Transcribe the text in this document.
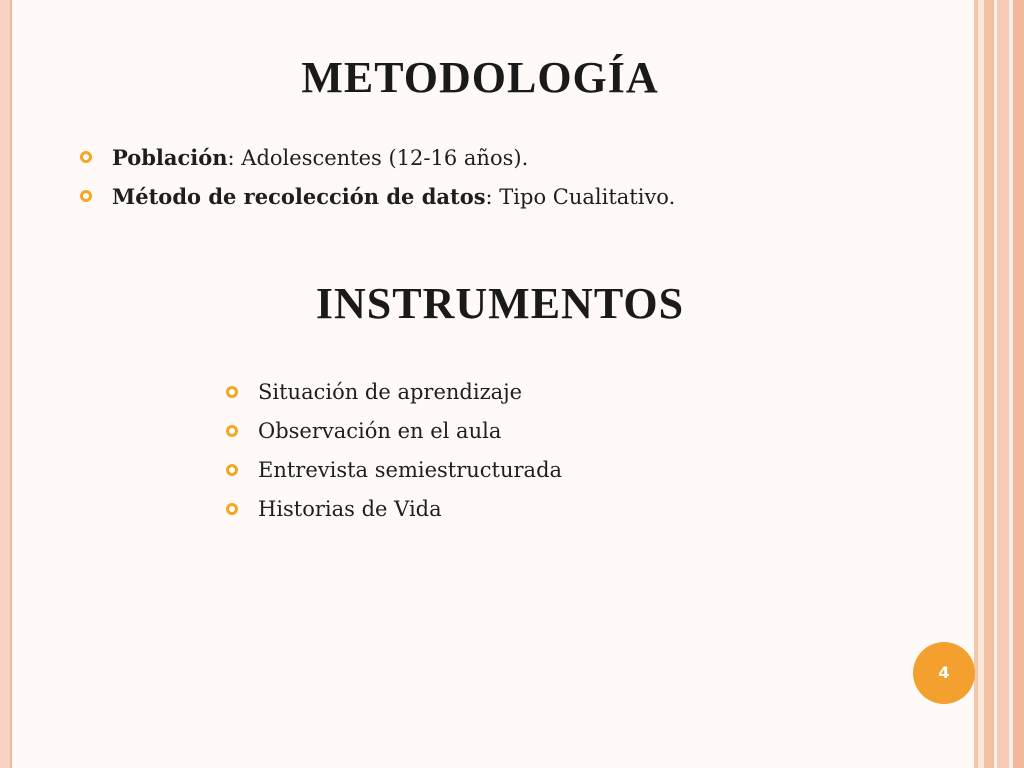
METODOLOGÍA
Población: Adolescentes (12-16 años).
Método de recolección de datos: Tipo Cualitativo.
INSTRUMENTOS
Situación de aprendizaje
Observación en el aula
Entrevista semiestructurada
Historias de Vida
4
